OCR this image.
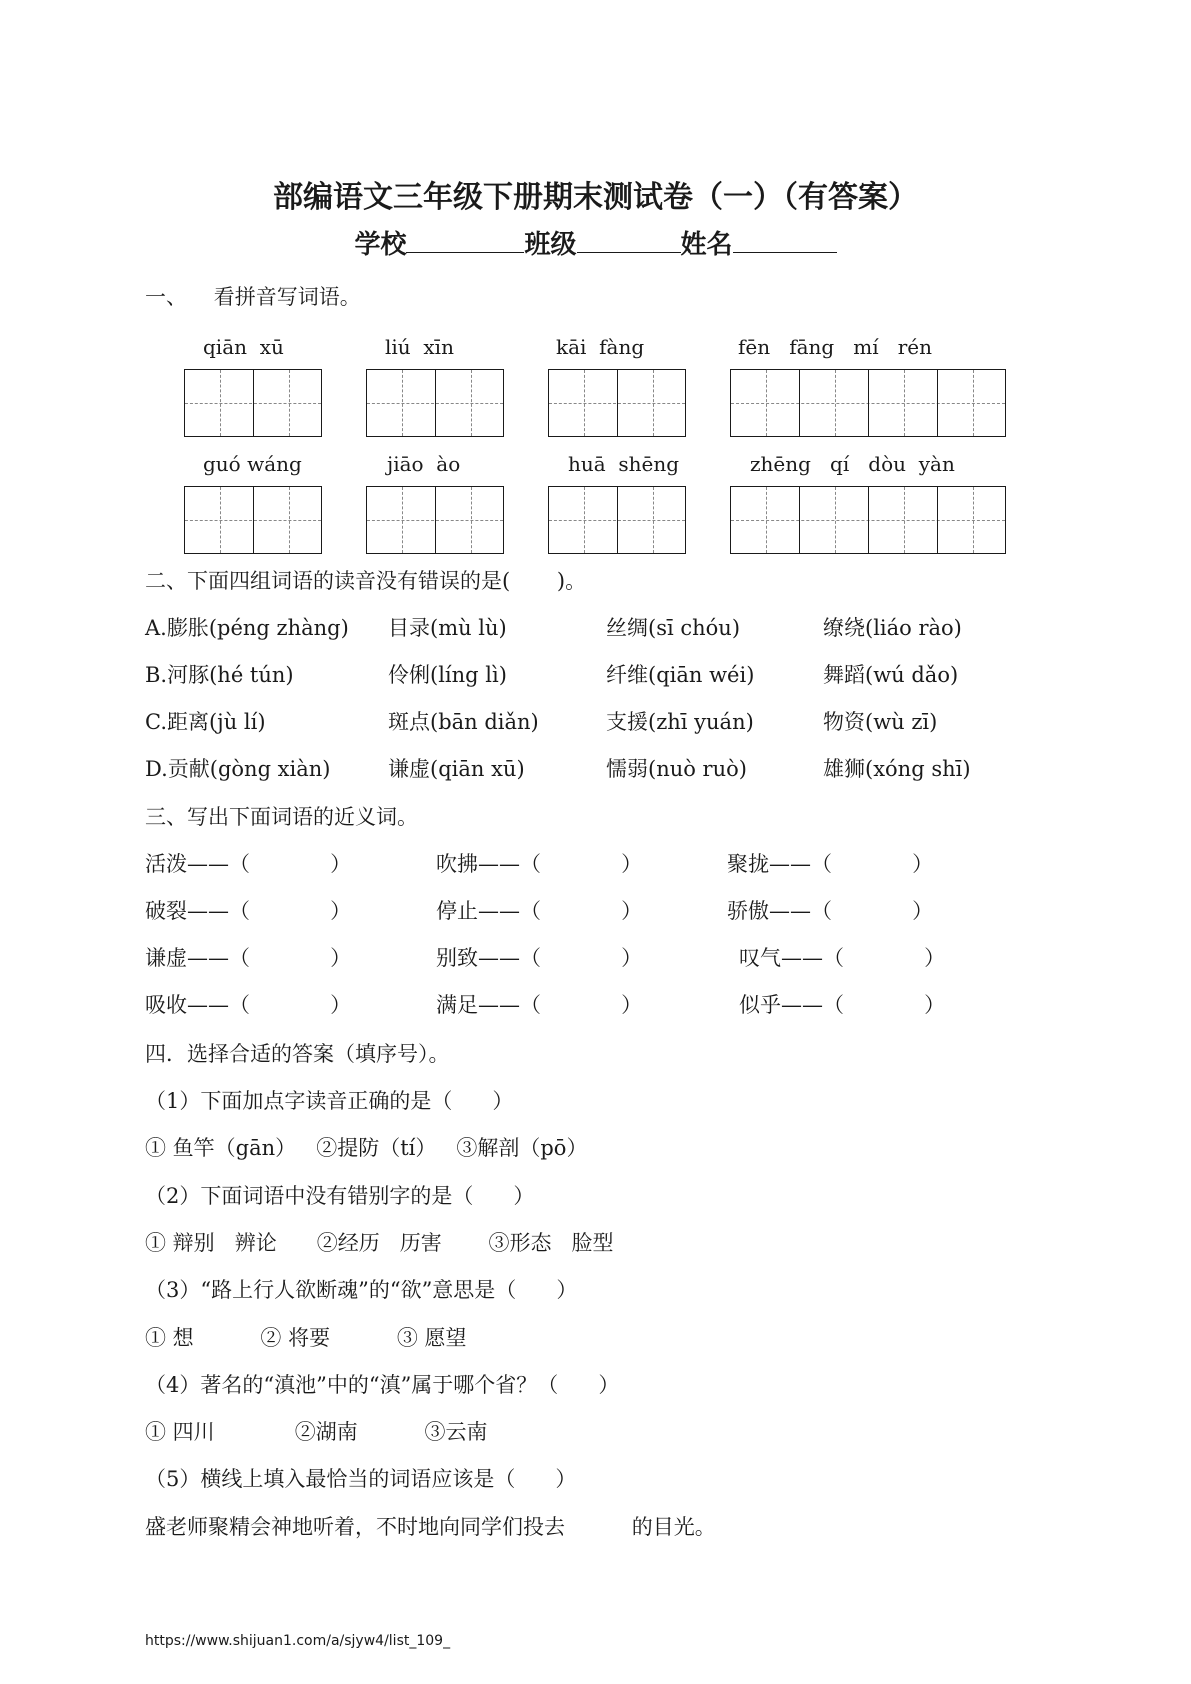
部编语文三年级下册期末测试卷（一）（有答案）
学校	班级	姓名
一、    看拼音写词语。
qiān  xū	liú  xīn	kāi  fàng	fēn   fāng   mí   rén
guó wáng	jiāo  ào	huā  shēng	zhēng   qí   dòu  yàn
二、下面四组词语的读音没有错误的是(       )。
A.膨胀(péng zhàng) 目录(mù lù)	丝绸(sī chóu)	缭绕(liáo rào)
B.河豚(hé tún)	伶俐(líng lì)	纤维(qiān wéi)	舞蹈(wú dǎo)
C.距离(jù lí)	斑点(bān diǎn)	支援(zhī yuán)	物资(wù zī)
D.贡献(gòng xiàn)	谦虚(qiān xū)	懦弱(nuò ruò)	雄狮(xóng shī)
三、写出下面词语的近义词。
活泼——（            ）	吹拂——（            ）	聚拢——（            ）
破裂——（            ）	停止——（            ）	骄傲——（            ）
谦虚——（            ）	别致——（            ）	叹气——（            ）
吸收——（            ）	满足——（            ）	似乎——（            ）
四．选择合适的答案（填序号）。
（1）下面加点字读音正确的是（      ）
① 鱼竿（gān）   ②提防（tí）   ③解剖（pō）
（2）下面词语中没有错别字的是（      ）
① 辩别   辨论      ②经历   历害       ③形态   脸型
（3）“路上行人欲断魂”的“欲”意思是（      ）
① 想          ② 将要          ③ 愿望
（4）著名的“滇池”中的“滇”属于哪个省？（      ）
① 四川            ②湖南          ③云南
（5）横线上填入最恰当的词语应该是（      ）
盛老师聚精会神地听着，不时地向同学们投去          的目光。
https://www.shijuan1.com/a/sjyw4/list_109_
